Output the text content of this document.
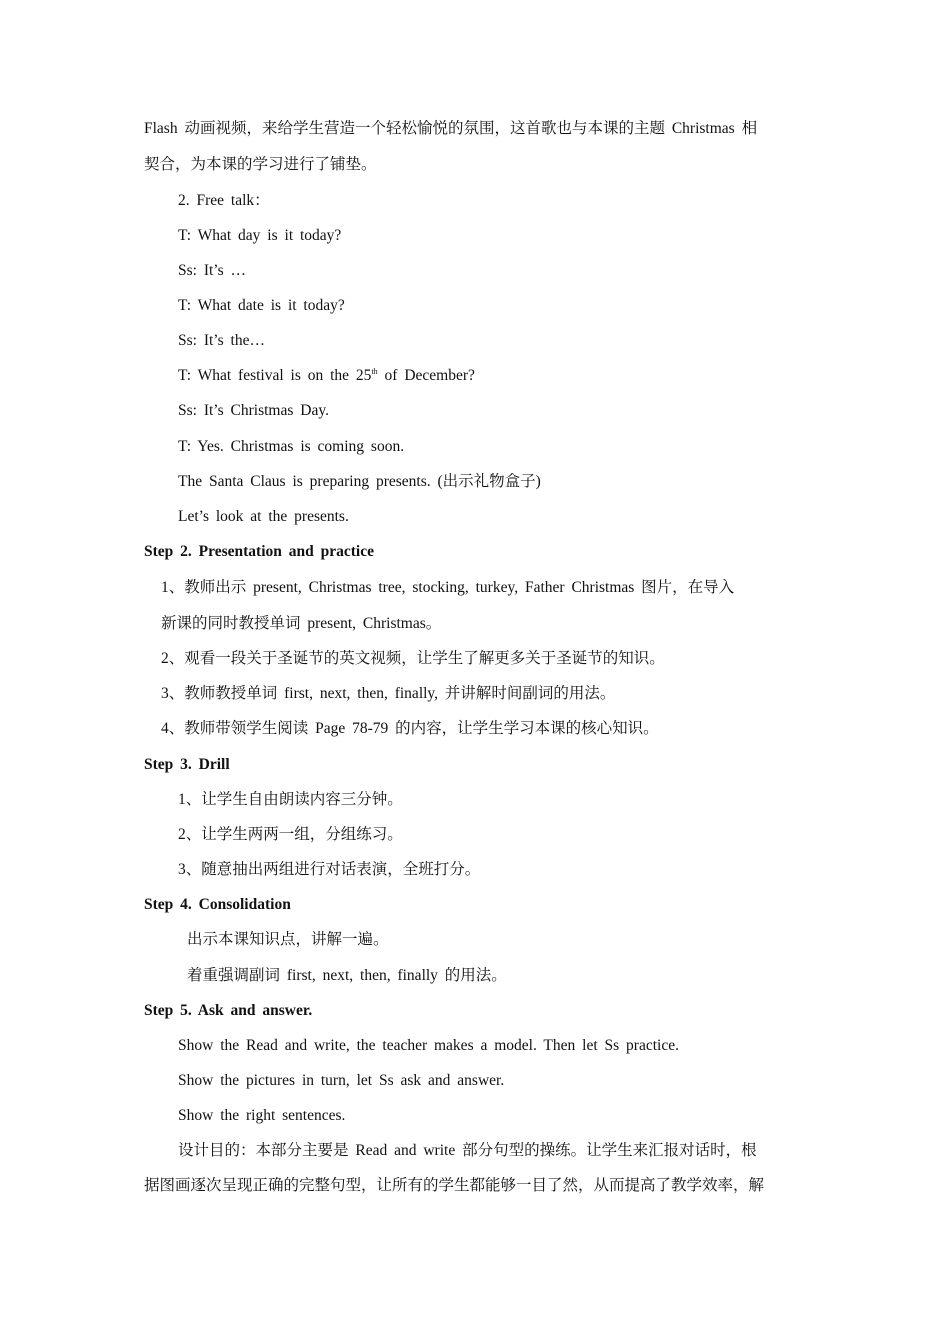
Flash 动画视频，来给学生营造一个轻松愉悦的氛围，这首歌也与本课的主题 Christmas 相
契合，为本课的学习进行了铺垫。
2. Free talk：
T: What day is it today?
Ss: It’s …
T: What date is it today?
Ss: It’s the…
T: What festival is on the 25th of December?
Ss: It’s Christmas Day.
T: Yes. Christmas is coming soon.
The Santa Claus is preparing presents. (出示礼物盒子)
Let’s look at the presents.
Step 2. Presentation and practice
1、教师出示 present, Christmas tree, stocking, turkey, Father Christmas 图片，在导入
新课的同时教授单词 present, Christmas。
2、观看一段关于圣诞节的英文视频，让学生了解更多关于圣诞节的知识。
3、教师教授单词 first, next, then, finally, 并讲解时间副词的用法。
4、教师带领学生阅读 Page 78-79 的内容，让学生学习本课的核心知识。
Step 3. Drill
1、让学生自由朗读内容三分钟。
2、让学生两两一组，分组练习。
3、随意抽出两组进行对话表演，全班打分。
Step 4. Consolidation
出示本课知识点，讲解一遍。
着重强调副词 first, next, then, finally 的用法。
Step 5. Ask and answer.
Show the Read and write, the teacher makes a model. Then let Ss practice.
Show the pictures in turn, let Ss ask and answer.
Show the right sentences.
设计目的：本部分主要是 Read and write 部分句型的操练。让学生来汇报对话时，根
据图画逐次呈现正确的完整句型，让所有的学生都能够一目了然，从而提高了教学效率，解
